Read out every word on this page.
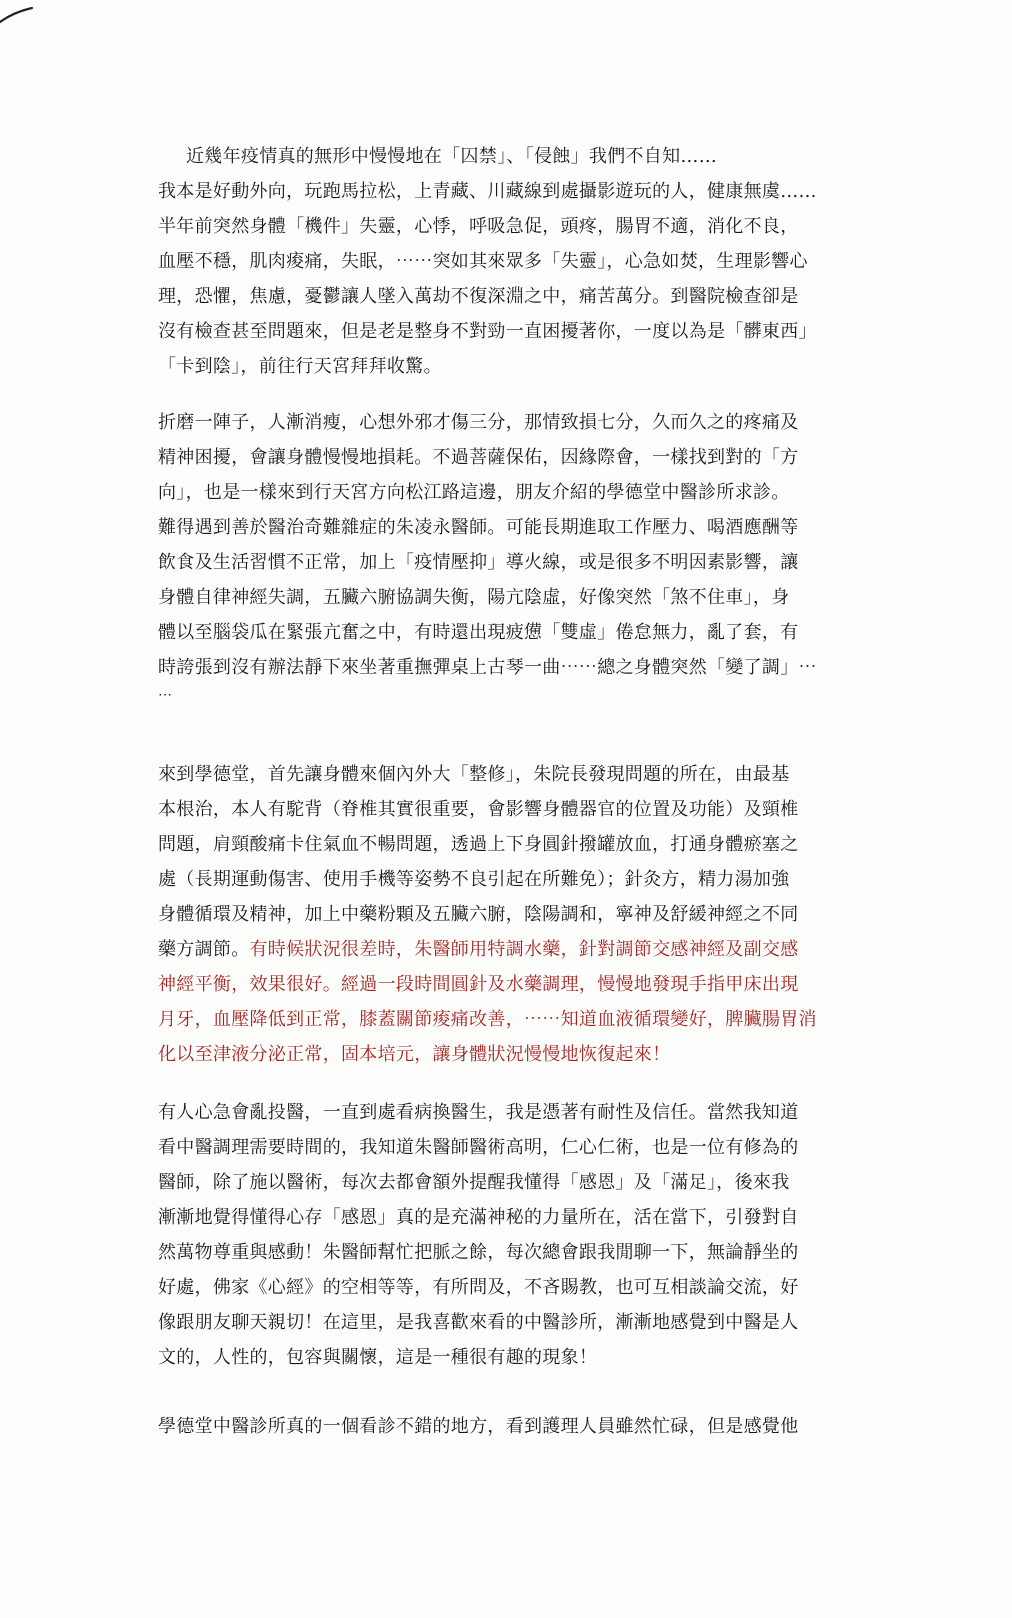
近幾年疫情真的無形中慢慢地在「囚禁」、「侵蝕」我們不自知……
我本是好動外向，玩跑馬拉松，上青藏、川藏線到處攝影遊玩的人，健康無虞……
半年前突然身體「機件」失靈，心悸，呼吸急促，頭疼，腸胃不適，消化不良，
血壓不穩，肌肉痠痛，失眠，⋯⋯突如其來眾多「失靈」，心急如焚，生理影響心
理，恐懼，焦慮，憂鬱讓人墜入萬劫不復深淵之中，痛苦萬分。到醫院檢查卻是
沒有檢查甚至問題來，但是老是整身不對勁一直困擾著你，一度以為是「髒東西」
「卡到陰」，前往行天宮拜拜收驚。
折磨一陣子，人漸消瘦，心想外邪才傷三分，那情致損七分，久而久之的疼痛及
精神困擾，會讓身體慢慢地損耗。不過菩薩保佑，因緣際會，一樣找到對的「方
向」，也是一樣來到行天宮方向松江路這邊，朋友介紹的學德堂中醫診所求診。
難得遇到善於醫治奇難雜症的朱凌永醫師。可能長期進取工作壓力、喝酒應酬等
飲食及生活習慣不正常，加上「疫情壓抑」導火線，或是很多不明因素影響，讓
身體自律神經失調，五臟六腑協調失衡，陽亢陰虛，好像突然「煞不住車」，身
體以至腦袋瓜在緊張亢奮之中，有時還出現疲憊「雙虛」倦怠無力，亂了套，有
時誇張到沒有辦法靜下來坐著重撫彈桌上古琴一曲⋯⋯總之身體突然「變了調」⋯
⋯
來到學德堂，首先讓身體來個內外大「整修」，朱院長發現問題的所在，由最基
本根治，本人有駝背（脊椎其實很重要，會影響身體器官的位置及功能）及頸椎
問題，肩頸酸痛卡住氣血不暢問題，透過上下身圓針撥罐放血，打通身體瘀塞之
處（長期運動傷害、使用手機等姿勢不良引起在所難免）；針灸方，精力湯加強
身體循環及精神，加上中藥粉顆及五臟六腑，陰陽調和，寧神及舒緩神經之不同
藥方調節。有時候狀況很差時，朱醫師用特調水藥，針對調節交感神經及副交感
神經平衡，效果很好。經過一段時間圓針及水藥調理，慢慢地發現手指甲床出現
月牙，血壓降低到正常，膝蓋關節痠痛改善，⋯⋯知道血液循環變好，脾臟腸胃消
化以至津液分泌正常，固本培元，讓身體狀況慢慢地恢復起來！
有人心急會亂投醫，一直到處看病換醫生，我是憑著有耐性及信任。當然我知道
看中醫調理需要時間的，我知道朱醫師醫術高明，仁心仁術，也是一位有修為的
醫師，除了施以醫術，每次去都會額外提醒我懂得「感恩」及「滿足」，後來我
漸漸地覺得懂得心存「感恩」真的是充滿神秘的力量所在，活在當下，引發對自
然萬物尊重與感動！朱醫師幫忙把脈之餘，每次總會跟我閒聊一下，無論靜坐的
好處，佛家《心經》的空相等等，有所問及，不吝賜教，也可互相談論交流，好
像跟朋友聊天親切！在這里，是我喜歡來看的中醫診所，漸漸地感覺到中醫是人
文的，人性的，包容與關懷，這是一種很有趣的現象！
學德堂中醫診所真的一個看診不錯的地方，看到護理人員雖然忙碌，但是感覺他
